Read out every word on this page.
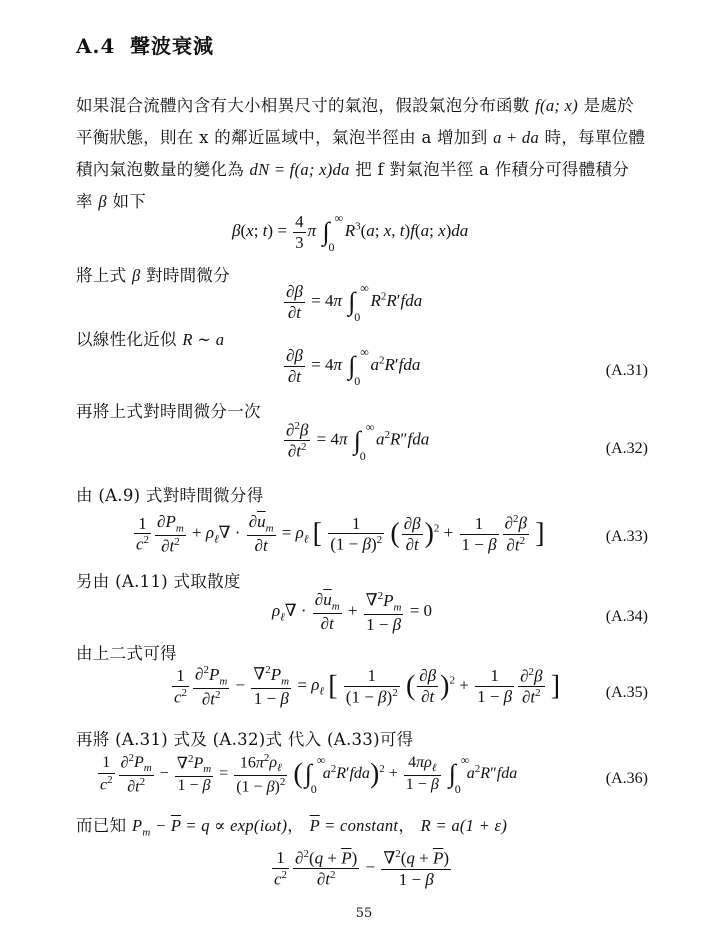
A.4 聲波衰減
如果混合流體內含有大小相異尺寸的氣泡，假設氣泡分布函數 f(a; x) 是處於
平衡狀態，則在 x 的鄰近區域中，氣泡半徑由 a 增加到 a + da 時，每單位體
積內氣泡數量的變化為 dN = f(a; x)da 把 f 對氣泡半徑 a 作積分可得體積分
率 β 如下
β(x; $t) = \frac{4}{3}$ π ∫ ∞
0
$R^3(a$; x, t)f(a; x)da
將上式 β 對時間微分
$\frac{\partial\beta}{\partial t} = 4\pi$ ∫ ∞
0
$R^2R'fda$
以線性化近似 R ∼ a
$\frac{\partial\beta}{\partial t} = 4\pi$ ∫ ∞
0
$a^2R'fda$	(A.31)
再將上式對時間微分一次
$\frac{\partial^2\beta}{\partial t^2} = 4\pi$ ∫ ∞
0
$a^2R''fda$	(A.32)
由 (A.9) 式對時間微分得
$\frac{1}{c^2} \frac{\partial P_m}{\partial t^2} + \rho_\ell\nabla \cdot \frac{\partial\overline{u}_m}{\partial t} = \rho_\ell$ [ $\frac{1}{(1 - \beta)^2}$ ( $\frac{\partial\beta}{\partial t} )^2 + \frac{1}{1 - \beta} \frac{\partial^2\beta}{\partial t^2}$ ]	(A.33)
另由 (A.11) 式取散度
$\rho_\ell\nabla \cdot \frac{\partial\overline{u}_m}{\partial t} + \frac{\nabla^2P_m}{1 - \beta} = 0$	(A.34)
由上二式可得
$\frac{1}{c^2} \frac{\partial^2P_m}{\partial t^2} - \frac{\nabla^2P_m}{1 - \beta} = \rho_\ell$ [ $\frac{1}{(1 - \beta)^2}$ ( $\frac{\partial\beta}{\partial t} )^2 + \frac{1}{1 - \beta} \frac{\partial^2\beta}{\partial t^2}$ ]	(A.35)
再將 (A.31) 式及 (A.32)式 代入 (A.33)可得
$\frac{1}{c^2} \frac{\partial^2P_m}{\partial t^2} - \frac{\nabla^2P_m}{1 - \beta} = \frac{16\pi^2\rho_\ell}{(1 - \beta)^2}$ (∫ ∞
0
$a^2R'fda)^2 + \frac{4\pi\rho_\ell}{1 - \beta}$ ∫ ∞
0
$a^2R''fda$	(A.36)
而已知 $P_m - \overline{P} = q \propto \exp(i\omega t)$， $\overline{P}$ = constant， R = a(1 + ε)
$\frac{1}{c^2} \frac{\partial^2(q + \overline{P})}{\partial t^2} - \frac{\nabla^2(q + \overline{P})}{1 - \beta}$
55
